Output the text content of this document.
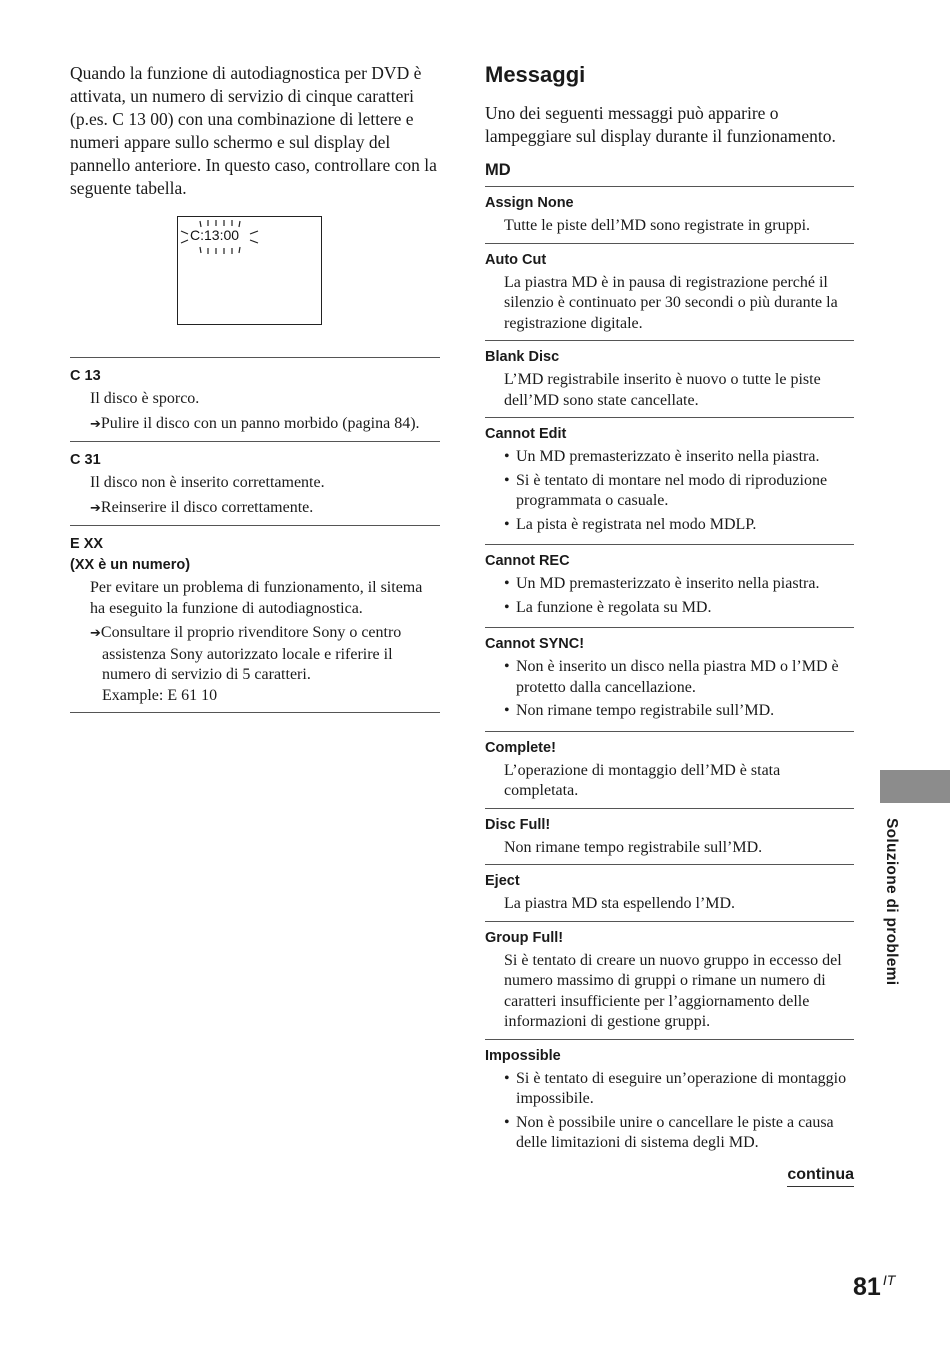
Quando la funzione di autodiagnostica per DVD è attivata, un numero di servizio di cinque caratteri (p.es. C 13 00) con una combinazione di lettere e numeri appare sullo schermo e sul display del pannello anteriore. In questo caso, controllare con la seguente tabella.

C:13:00
C 13
Il disco è sporco.
➔Pulire il disco con un panno morbido (pagina 84).
C 31
Il disco non è inserito correttamente.
➔Reinserire il disco correttamente.
E XX
(XX è un numero)
Per evitare un problema di funzionamento, il sitema ha eseguito la funzione di autodiagnostica.
➔Consultare il proprio rivenditore Sony o centro assistenza Sony autorizzato locale e riferire il numero di servizio di 5 caratteri.
Example: E 61 10
Messaggi

Uno dei seguenti messaggi può apparire o lampeggiare sul display durante il funzionamento.

MD
Assign None
Tutte le piste dell’MD sono registrate in gruppi.
Auto Cut
La piastra MD è in pausa di registrazione perché il silenzio è continuato per 30 secondi o più durante la registrazione digitale.
Blank Disc
L’MD registrabile inserito è nuovo o tutte le piste dell’MD sono state cancellate.
Cannot Edit
• Un MD premasterizzato è inserito nella piastra.
• Si è tentato di montare nel modo di riproduzione programmata o casuale.
• La pista è registrata nel modo MDLP.
Cannot REC
• Un MD premasterizzato è inserito nella piastra.
• La funzione è regolata su MD.
Cannot SYNC!
• Non è inserito un disco nella piastra MD o l’MD è protetto dalla cancellazione.
• Non rimane tempo registrabile sull’MD.
Complete!
L’operazione di montaggio dell’MD è stata completata.
Disc Full!
Non rimane tempo registrabile sull’MD.
Eject
La piastra MD sta espellendo l’MD.
Group Full!
Si è tentato di creare un nuovo gruppo in eccesso del numero massimo di gruppi o rimane un numero di caratteri insufficiente per l’aggiornamento delle informazioni di gestione gruppi.
Impossible
• Si è tentato di eseguire un’operazione di montaggio impossibile.
• Non è possibile unire o cancellare le piste a causa delle limitazioni di sistema degli MD.
continua
Soluzione di problemi
81 $^{IT}$
